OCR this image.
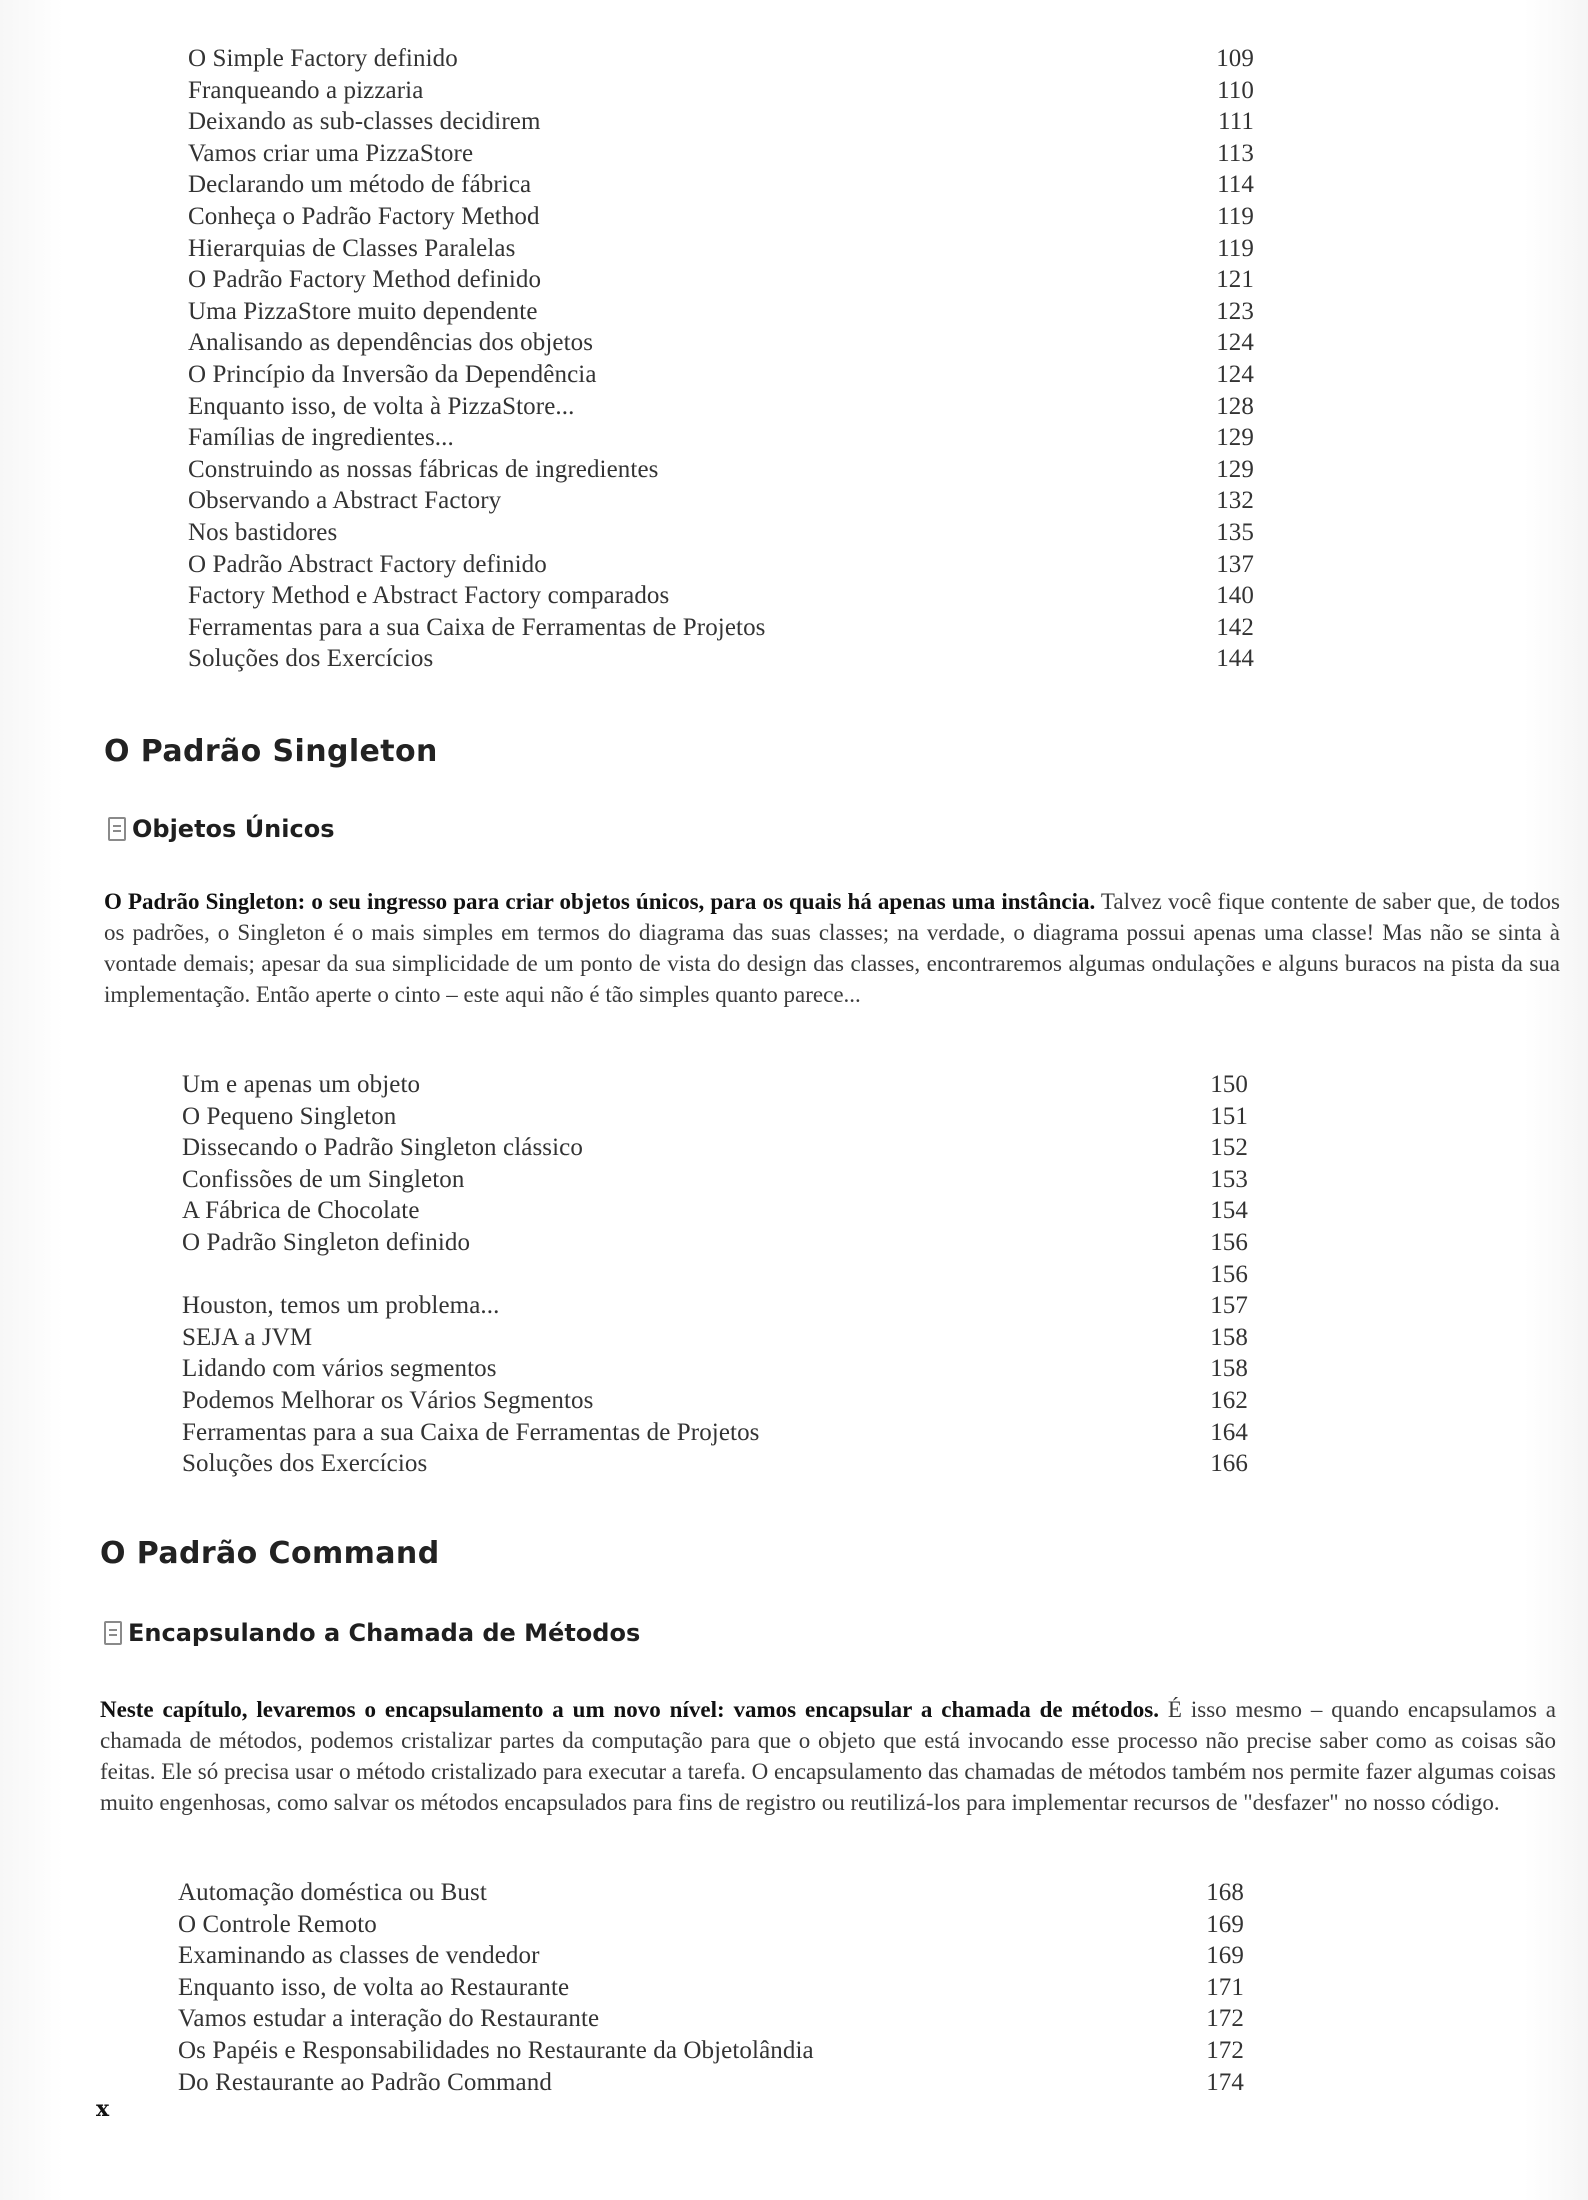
O Simple Factory definido	109
Franqueando a pizzaria	110
Deixando as sub-classes decidirem	111
Vamos criar uma PizzaStore	113
Declarando um método de fábrica	114
Conheça o Padrão Factory Method	119
Hierarquias de Classes Paralelas	119
O Padrão Factory Method definido	121
Uma PizzaStore muito dependente	123
Analisando as dependências dos objetos	124
O Princípio da Inversão da Dependência	124
Enquanto isso, de volta à PizzaStore...	128
Famílias de ingredientes...	129
Construindo as nossas fábricas de ingredientes	129
Observando a Abstract Factory	132
Nos bastidores	135
O Padrão Abstract Factory definido	137
Factory Method e Abstract Factory comparados	140
Ferramentas para a sua Caixa de Ferramentas de Projetos	142
Soluções dos Exercícios	144
O Padrão Singleton
Objetos Únicos
O Padrão Singleton: o seu ingresso para criar objetos únicos, para os quais há apenas uma instância. Talvez você fique contente de saber que, de todos os padrões, o Singleton é o mais simples em termos do diagrama das suas classes; na verdade, o diagrama possui apenas uma classe! Mas não se sinta à vontade demais; apesar da sua simplicidade de um ponto de vista do design das classes, encontraremos algumas ondulações e alguns buracos na pista da sua implementação. Então aperte o cinto – este aqui não é tão simples quanto parece...
Um e apenas um objeto	150
O Pequeno Singleton	151
Dissecando o Padrão Singleton clássico	152
Confissões de um Singleton	153
A Fábrica de Chocolate	154
O Padrão Singleton definido	156
156
Houston, temos um problema...	157
SEJA a JVM	158
Lidando com vários segmentos	158
Podemos Melhorar os Vários Segmentos	162
Ferramentas para a sua Caixa de Ferramentas de Projetos	164
Soluções dos Exercícios	166
O Padrão Command
Encapsulando a Chamada de Métodos
Neste capítulo, levaremos o encapsulamento a um novo nível: vamos encapsular a chamada de métodos. É isso mesmo – quando encapsulamos a chamada de métodos, podemos cristalizar partes da computação para que o objeto que está invocando esse processo não precise saber como as coisas são feitas. Ele só precisa usar o método cristalizado para executar a tarefa. O encapsulamento das chamadas de métodos também nos permite fazer algumas coisas muito engenhosas, como salvar os métodos encapsulados para fins de registro ou reutilizá-los para implementar recursos de "desfazer" no nosso código.
Automação doméstica ou Bust	168
O Controle Remoto	169
Examinando as classes de vendedor	169
Enquanto isso, de volta ao Restaurante	171
Vamos estudar a interação do Restaurante	172
Os Papéis e Responsabilidades no Restaurante da Objetolândia	172
Do Restaurante ao Padrão Command	174
x
